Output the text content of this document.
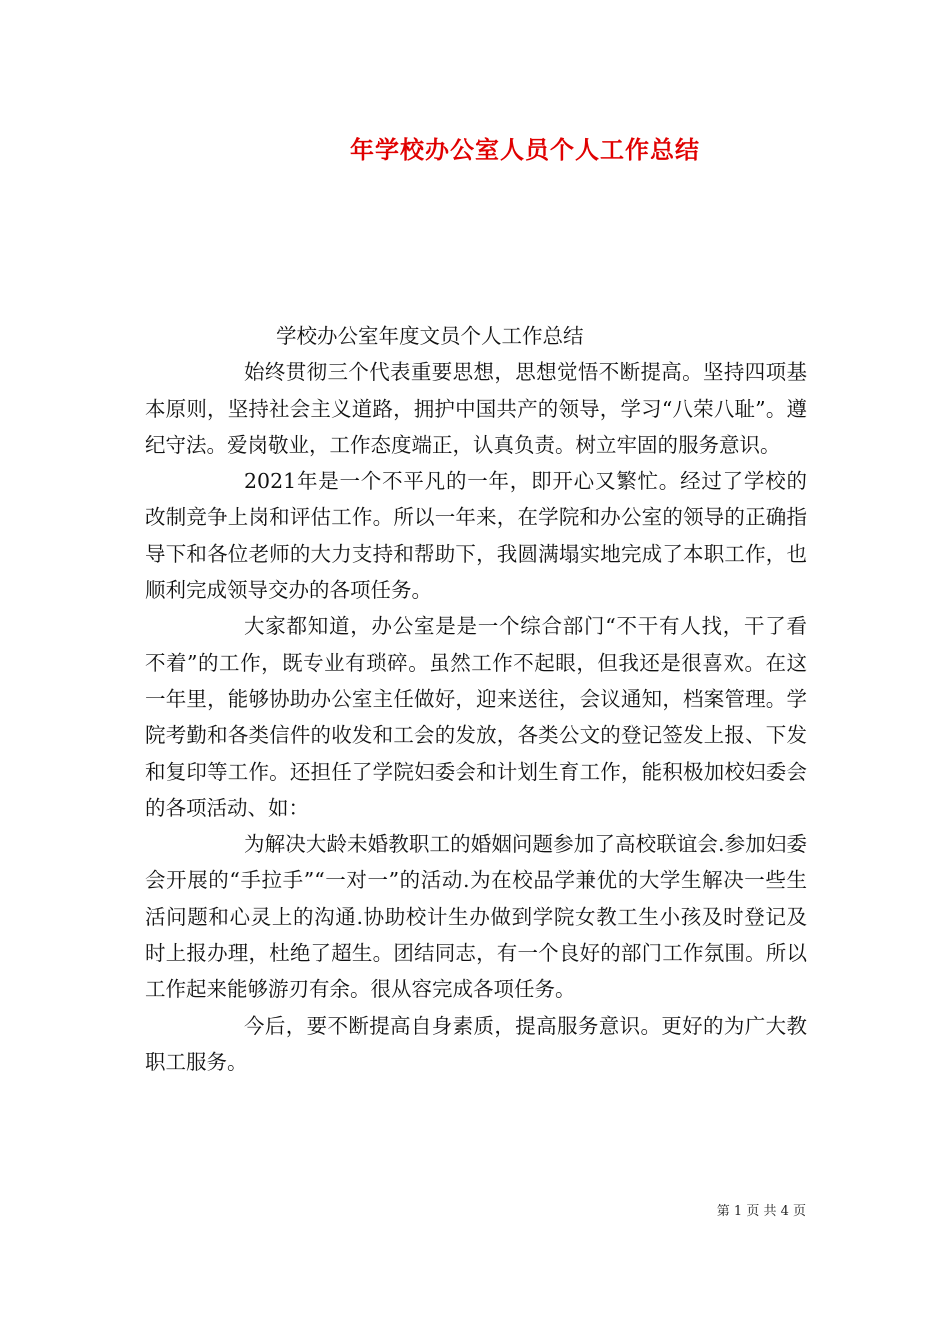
年学校办公室人员个人工作总结

学校办公室年度文员个人工作总结

始终贯彻三个代表重要思想，思想觉悟不断提高。坚持四项基本原则，坚持社会主义道路，拥护中国共产的领导，学习“八荣八耻”。遵纪守法。爱岗敬业，工作态度端正，认真负责。树立牢固的服务意识。

2021年是一个不平凡的一年，即开心又繁忙。经过了学校的改制竞争上岗和评估工作。所以一年来，在学院和办公室的领导的正确指导下和各位老师的大力支持和帮助下，我圆满塌实地完成了本职工作，也顺利完成领导交办的各项任务。

大家都知道，办公室是是一个综合部门“不干有人找，干了看不着”的工作，既专业有琐碎。虽然工作不起眼，但我还是很喜欢。在这一年里，能够协助办公室主任做好，迎来送往，会议通知，档案管理。学院考勤和各类信件的收发和工会的发放，各类公文的登记签发上报、下发和复印等工作。还担任了学院妇委会和计划生育工作，能积极加校妇委会的各项活动、如：

为解决大龄未婚教职工的婚姻问题参加了高校联谊会.参加妇委会开展的“手拉手”“一对一”的活动.为在校品学兼优的大学生解决一些生活问题和心灵上的沟通.协助校计生办做到学院女教工生小孩及时登记及时上报办理，杜绝了超生。团结同志，有一个良好的部门工作氛围。所以工作起来能够游刃有余。很从容完成各项任务。

今后，要不断提高自身素质，提高服务意识。更好的为广大教职工服务。

第 1 页 共 4 页
